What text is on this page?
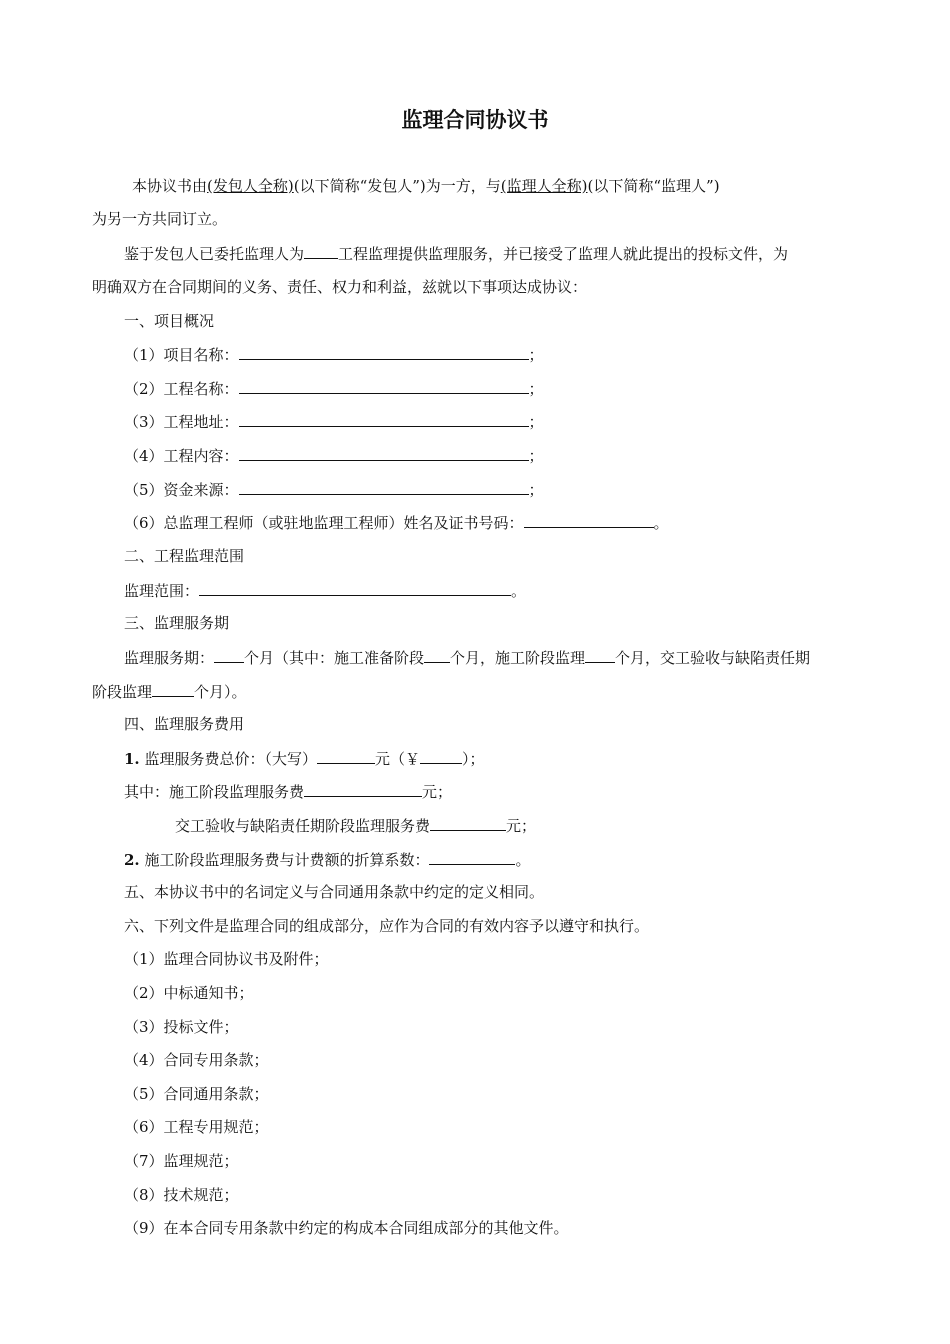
监理合同协议书
本协议书由(发包人全称)(以下简称“发包人”)为一方，与(监理人全称)(以下简称“监理人”)
为另一方共同订立。
鉴于发包人已委托监理人为 工程监理提供监理服务，并已接受了监理人就此提出的投标文件，为
明确双方在合同期间的义务、责任、权力和利益，兹就以下事项达成协议：
一、项目概况
（1）项目名称：	；
（2）工程名称：	；
（3）工程地址：	；
（4）工程内容：	；
（5）资金来源：	；
（6）总监理工程师（或驻地监理工程师）姓名及证书号码：	。
二、工程监理范围
监理范围：	。
三、监理服务期
监理服务期： 个月（其中：施工准备阶段 个月，施工阶段监理 个月，交工验收与缺陷责任期
阶段监理	个月）。
四、监理服务费用
1. 监理服务费总价：（大写）	元（￥	）；
其中：施工阶段监理服务费	元；
交工验收与缺陷责任期阶段监理服务费	元；
2. 施工阶段监理服务费与计费额的折算系数：	。
五、本协议书中的名词定义与合同通用条款中约定的定义相同。
六、下列文件是监理合同的组成部分，应作为合同的有效内容予以遵守和执行。
（1）监理合同协议书及附件；
（2）中标通知书；
（3）投标文件；
（4）合同专用条款；
（5）合同通用条款；
（6）工程专用规范；
（7）监理规范；
（8）技术规范；
（9）在本合同专用条款中约定的构成本合同组成部分的其他文件。
